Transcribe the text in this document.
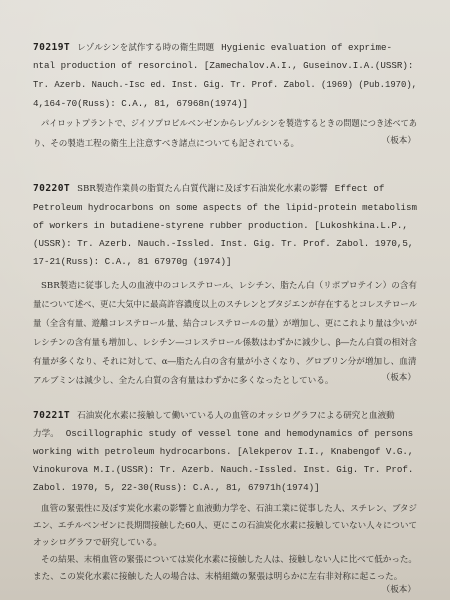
70219T レゾルシンを試作する時の衛生問題 Hygienic evaluation of exprime-
ntal production of resorcinol. [Zamechalov.A.I., Guseinov.I.A.(USSR):
Tr. Azerb. Nauch.-Isc ed. Inst. Gig. Tr. Prof. Zabol. (1969) (Pub.1970),
4,164-70(Russ): C.A., 81, 67968n(1974)]
パイロットプラントで、ジイソプロピルベンゼンからレゾルシンを製造するときの問題につき述べてあ
り、その製造工程の衛生上注意すべき諸点についても記されている。	（板本）
70220T SBR製造作業員の脂質たん白質代謝に及ぼす石油炭化水素の影響 Effect of
Petroleum hydrocarbons on some aspects of the lipid-protein metabolism
of workers in butadiene-styrene rubber production. [Lukoshkina.L.P.,
(USSR): Tr. Azerb. Nauch.-Issled. Inst. Gig. Tr. Prof. Zabol. 1970,5,
17-21(Russ): C.A., 81 67970g (1974)]
SBR製造に従事した人の血液中のコレステロール、レシチン、脂たん白（リポプロテイン）の含有
量について述べ、更に大気中に最高許容濃度以上のスチレンとブタジエンが存在するとコレステロール
量（全含有量、遊離コレステロール量、結合コレステロールの量）が増加し、更にこれより量は少いが
レシチンの含有量も増加し、レシチン―コレステロール係数はわずかに減少し、β―たん白質の相対含
有量が多くなり、それに対して、α―脂たん白の含有量が小さくなり、グロブリン分が増加し、血清
アルブミンは減少し、全たん白質の含有量はわずかに多くなったとしている。	（板本）
70221T 石油炭化水素に接触して働いている人の血管のオッシログラフによる研究と血液動
力学。 Oscillographic study of vessel tone and hemodynamics of persons
working with petroleum hydrocarbons. [Alekperov I.I., Knabengof V.G.,
Vinokurova M.I.(USSR): Tr. Azerb. Nauch.-Issled. Inst. Gig. Tr. Prof.
Zabol. 1970, 5, 22-30(Russ): C.A., 81, 67971h(1974)]
血管の緊張性に及ぼす炭化水素の影響と血液動力学を、石油工業に従事した人、スチレン、ブタジ
エン、エチルベンゼンに長期間接触した60人、更にこの石油炭化水素に接触していない人々について
オッシログラフで研究している。
その結果、末梢血管の緊張については炭化水素に接触した人は、接触しない人に比べて低かった。
また、この炭化水素に接触した人の場合は、末梢組織の緊張は明らかに左右非対称に起こった。
（板本）
